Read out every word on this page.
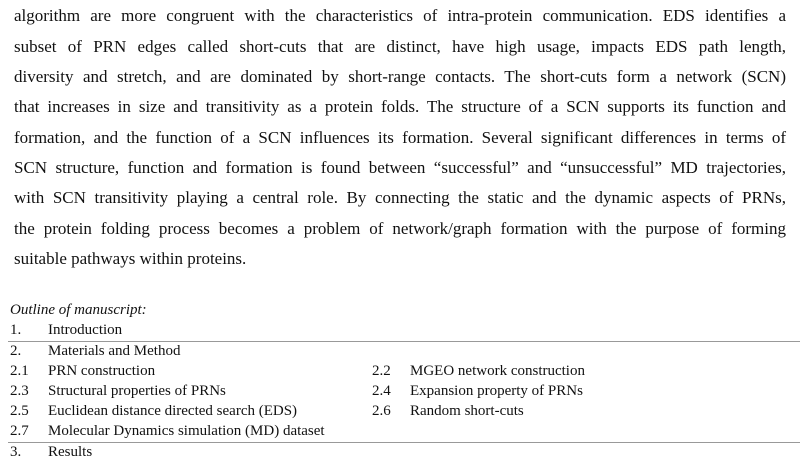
algorithm are more congruent with the characteristics of intra-protein communication. EDS identifies a
subset of PRN edges called short-cuts that are distinct, have high usage, impacts EDS path length,
diversity and stretch, and are dominated by short-range contacts. The short-cuts form a network (SCN)
that increases in size and transitivity as a protein folds. The structure of a SCN supports its function and
formation, and the function of a SCN influences its formation. Several significant differences in terms of
SCN structure, function and formation is found between “successful” and “unsuccessful” MD trajectories,
with SCN transitivity playing a central role. By connecting the static and the dynamic aspects of PRNs,
the protein folding process becomes a problem of network/graph formation with the purpose of forming
suitable pathways within proteins.
Outline of manuscript:
1. Introduction
2. Materials and Method
2.1 PRN construction	2.2 MGEO network construction
2.3 Structural properties of PRNs	2.4 Expansion property of PRNs
2.5 Euclidean distance directed search (EDS)	2.6 Random short-cuts
2.7 Molecular Dynamics simulation (MD) dataset
3. Results
